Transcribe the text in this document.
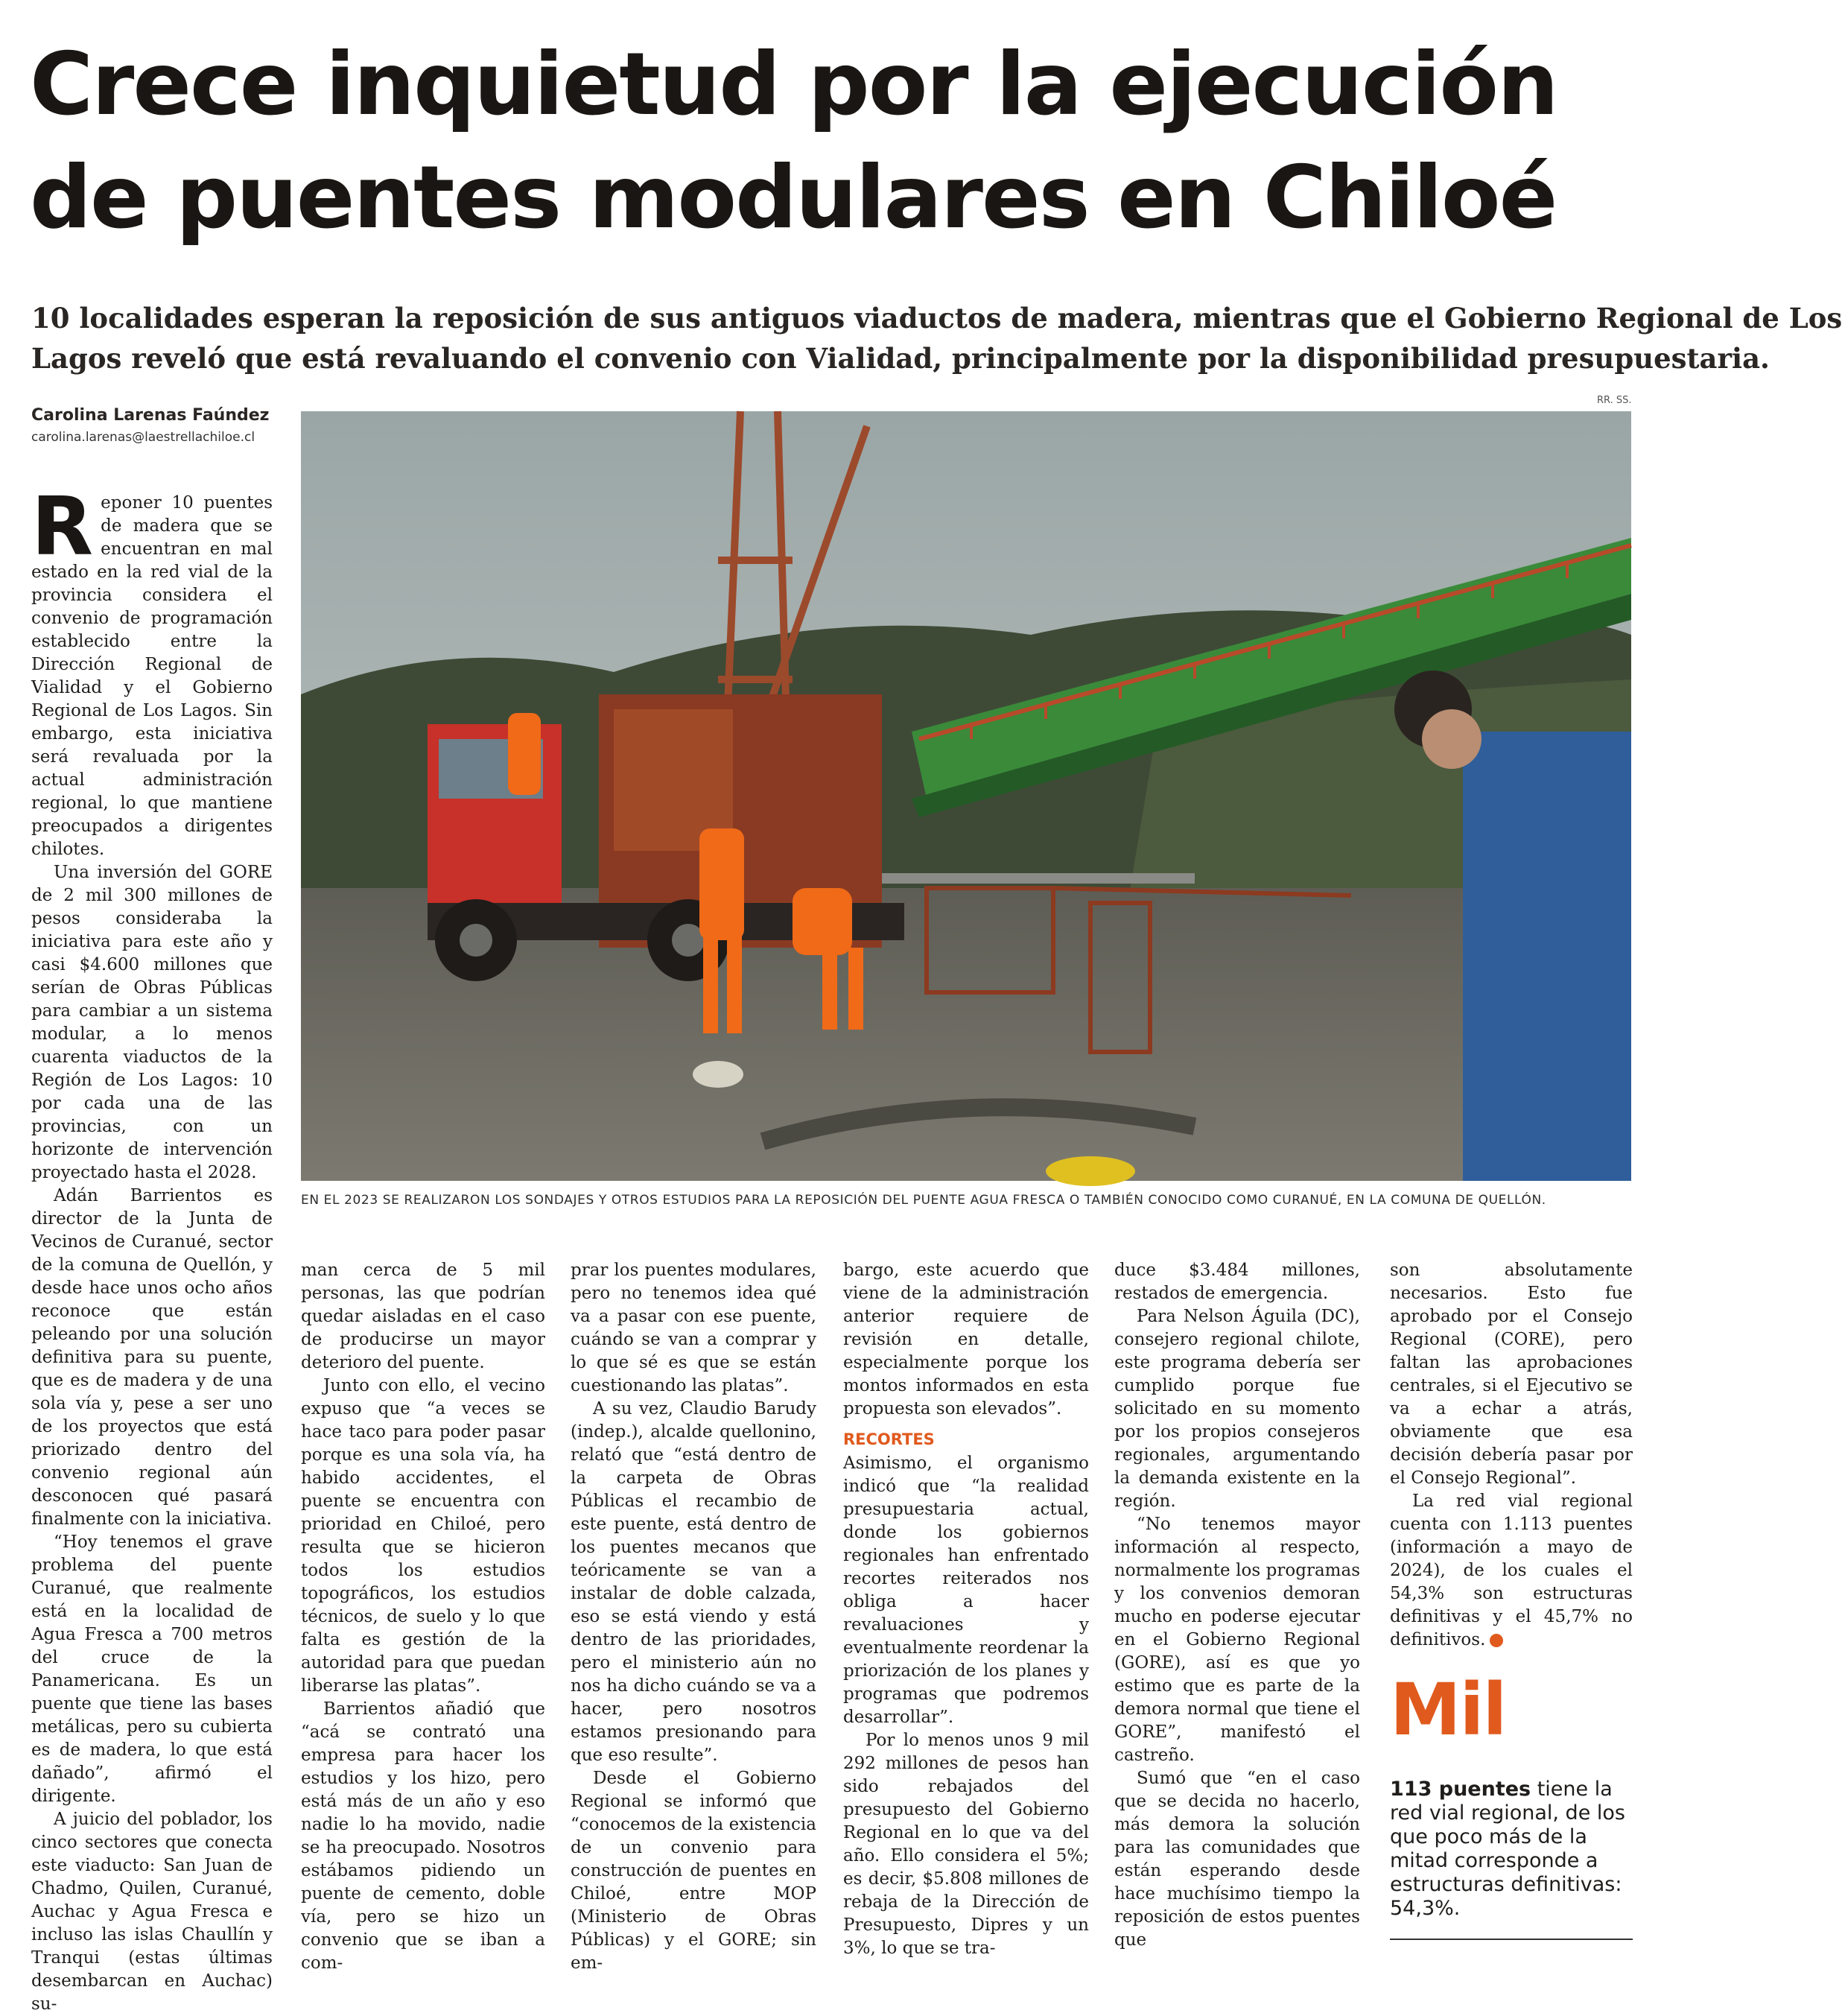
Crece inquietud por la ejecución
de puentes modulares en Chiloé
10 localidades esperan la reposición de sus antiguos viaductos de madera, mientras que el Gobierno Regional de Los
Lagos reveló que está revaluando el convenio con Vialidad, principalmente por la disponibilidad presupuestaria.
Carolina Larenas Faúndez
carolina.larenas@laestrellachiloe.cl
RR. SS.

EN EL 2023 SE REALIZARON LOS SONDAJES Y OTROS ESTUDIOS PARA LA REPOSICIÓN DEL PUENTE AGUA FRESCA O TAMBIÉN CONOCIDO COMO CURANUÉ, EN LA COMUNA DE QUELLÓN.

Reponer 10 puentes de madera que se encuentran en mal estado en la red vial de la provincia considera el convenio de programación establecido entre la Dirección Regional de Vialidad y el Gobierno Regional de Los Lagos. Sin embargo, esta iniciativa será revaluada por la actual administración regional, lo que mantiene preocupados a dirigentes chilotes.

Una inversión del GORE de 2 mil 300 millones de pesos consideraba la iniciativa para este año y casi $4.600 millones que serían de Obras Públicas para cambiar a un sistema modular, a lo menos cuarenta viaductos de la Región de Los Lagos: 10 por cada una de las provincias, con un horizonte de intervención proyectado hasta el 2028.

Adán Barrientos es director de la Junta de Vecinos de Curanué, sector de la comuna de Quellón, y desde hace unos ocho años reconoce que están peleando por una solución definitiva para su puente, que es de madera y de una sola vía y, pese a ser uno de los proyectos que está priorizado dentro del convenio regional aún desconocen qué pasará finalmente con la iniciativa.

“Hoy tenemos el grave problema del puente Curanué, que realmente está en la localidad de Agua Fresca a 700 metros del cruce de la Panamericana. Es un puente que tiene las bases metálicas, pero su cubierta es de madera, lo que está dañado”, afirmó el dirigente.

A juicio del poblador, los cinco sectores que conecta este viaducto: San Juan de Chadmo, Quilen, Curanué, Auchac y Agua Fresca e incluso las islas Chaullín y Tranqui (estas últimas desembarcan en Auchac) su-

man cerca de 5 mil personas, las que podrían quedar aisladas en el caso de producirse un mayor deterioro del puente.

Junto con ello, el vecino expuso que “a veces se hace taco para poder pasar porque es una sola vía, ha habido accidentes, el puente se encuentra con prioridad en Chiloé, pero resulta que se hicieron todos los estudios topográficos, los estudios técnicos, de suelo y lo que falta es gestión de la autoridad para que puedan liberarse las platas”.

Barrientos añadió que “acá se contrató una empresa para hacer los estudios y los hizo, pero está más de un año y eso nadie lo ha movido, nadie se ha preocupado. Nosotros estábamos pidiendo un puente de cemento, doble vía, pero se hizo un convenio que se iban a com-

prar los puentes modulares, pero no tenemos idea qué va a pasar con ese puente, cuándo se van a comprar y lo que sé es que se están cuestionando las platas”.

A su vez, Claudio Barudy (indep.), alcalde quellonino, relató que “está dentro de la carpeta de Obras Públicas el recambio de este puente, está dentro de los puentes mecanos que teóricamente se van a instalar de doble calzada, eso se está viendo y está dentro de las prioridades, pero el ministerio aún no nos ha dicho cuándo se va a hacer, pero nosotros estamos presionando para que eso resulte”.

Desde el Gobierno Regional se informó que “conocemos de la existencia de un convenio para construcción de puentes en Chiloé, entre MOP (Ministerio de Obras Públicas) y el GORE; sin em-

bargo, este acuerdo que viene de la administración anterior requiere de revisión en detalle, especialmente porque los montos informados en esta propuesta son elevados”.

RECORTES

Asimismo, el organismo indicó que “la realidad presupuestaria actual, donde los gobiernos regionales han enfrentado recortes reiterados nos obliga a hacer revaluaciones y eventualmente reordenar la priorización de los planes y programas que podremos desarrollar”.

Por lo menos unos 9 mil 292 millones de pesos han sido rebajados del presupuesto del Gobierno Regional en lo que va del año. Ello considera el 5%; es decir, $5.808 millones de rebaja de la Dirección de Presupuesto, Dipres y un 3%, lo que se tra-

duce $3.484 millones, restados de emergencia.

Para Nelson Águila (DC), consejero regional chilote, este programa debería ser cumplido porque fue solicitado en su momento por los propios consejeros regionales, argumentando la demanda existente en la región.

“No tenemos mayor información al respecto, normalmente los programas y los convenios demoran mucho en poderse ejecutar en el Gobierno Regional (GORE), así es que yo estimo que es parte de la demora normal que tiene el GORE”, manifestó el castreño.

Sumó que “en el caso que se decida no hacerlo, más demora la solución para las comunidades que están esperando desde hace muchísimo tiempo la reposición de estos puentes que

son absolutamente necesarios. Esto fue aprobado por el Consejo Regional (CORE), pero faltan las aprobaciones centrales, si el Ejecutivo se va a echar a atrás, obviamente que esa decisión debería pasar por el Consejo Regional”.

La red vial regional cuenta con 1.113 puentes (información a mayo de 2024), de los cuales el 54,3% son estructuras definitivas y el 45,7% no definitivos.	✪

Mil
113 puentes tiene la red vial regional, de los que poco más de la mitad corresponde a estructuras definitivas: 54,3%.
